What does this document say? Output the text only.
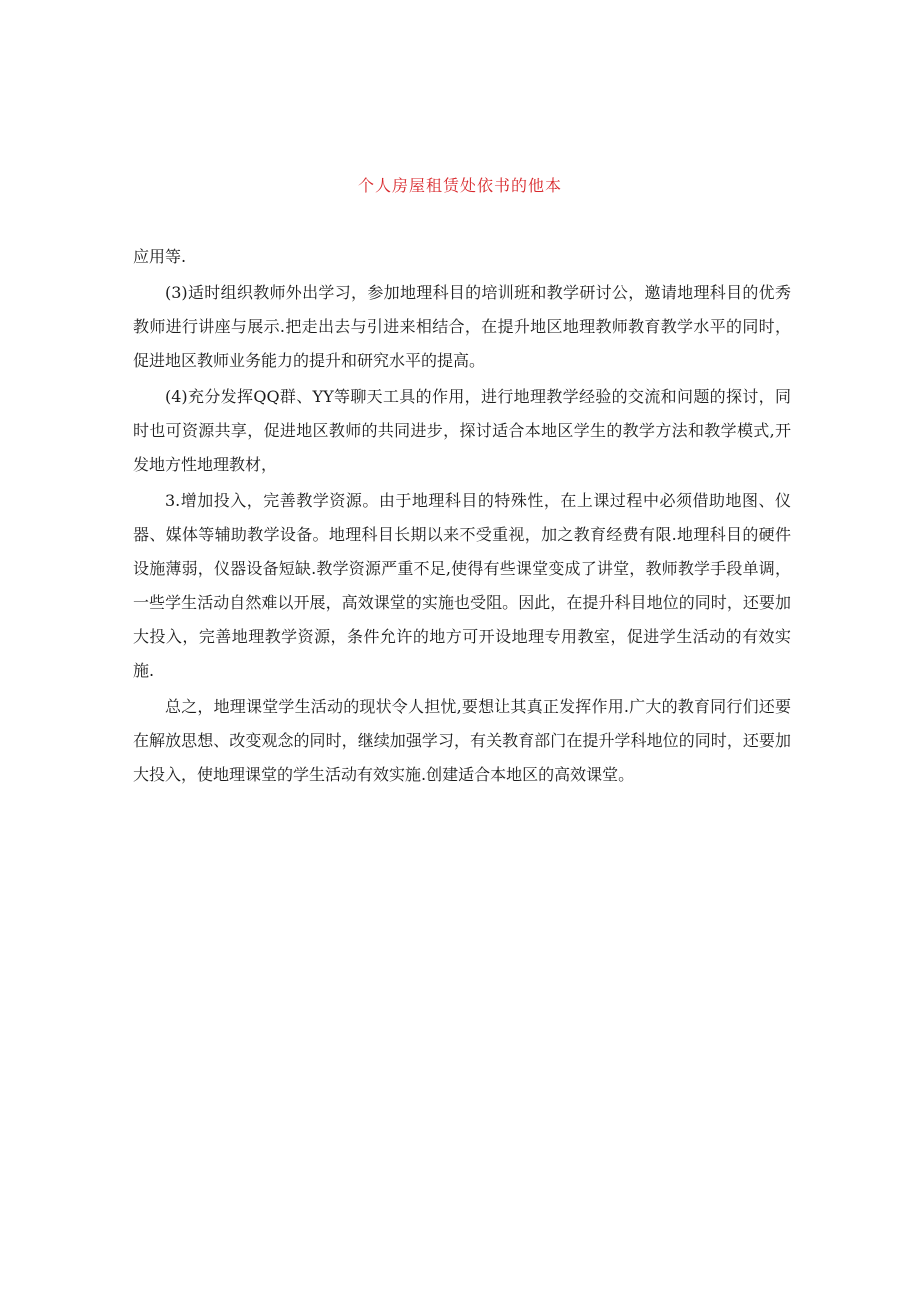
个人房屋租赁处依书的他本

应用等.

(3)适时组织教师外出学习，参加地理科目的培训班和教学研讨公，邀请地理科目的优秀教师进行讲座与展示.把走出去与引进来相结合，在提升地区地理教师教育教学水平的同时，促进地区教师业务能力的提升和研究水平的提高。

(4)充分发挥QQ群、YY等聊天工具的作用，进行地理教学经验的交流和问题的探讨，同时也可资源共享，促进地区教师的共同进步，探讨适合本地区学生的教学方法和教学模式,开发地方性地理教材，

3.增加投入，完善教学资源。由于地理科目的特殊性，在上课过程中必须借助地图、仪器、媒体等辅助教学设备。地理科目长期以来不受重视，加之教育经费有限.地理科目的硬件设施薄弱，仪器设备短缺.教学资源严重不足,使得有些课堂变成了讲堂，教师教学手段单调，一些学生活动自然难以开展，高效课堂的实施也受阻。因此，在提升科目地位的同时，还要加大投入，完善地理教学资源，条件允许的地方可开设地理专用教室，促进学生活动的有效实施.

总之，地理课堂学生活动的现状令人担忧,要想让其真正发挥作用.广大的教育同行们还要在解放思想、改变观念的同时，继续加强学习，有关教育部门在提升学科地位的同时，还要加大投入，使地理课堂的学生活动有效实施.创建适合本地区的高效课堂。
